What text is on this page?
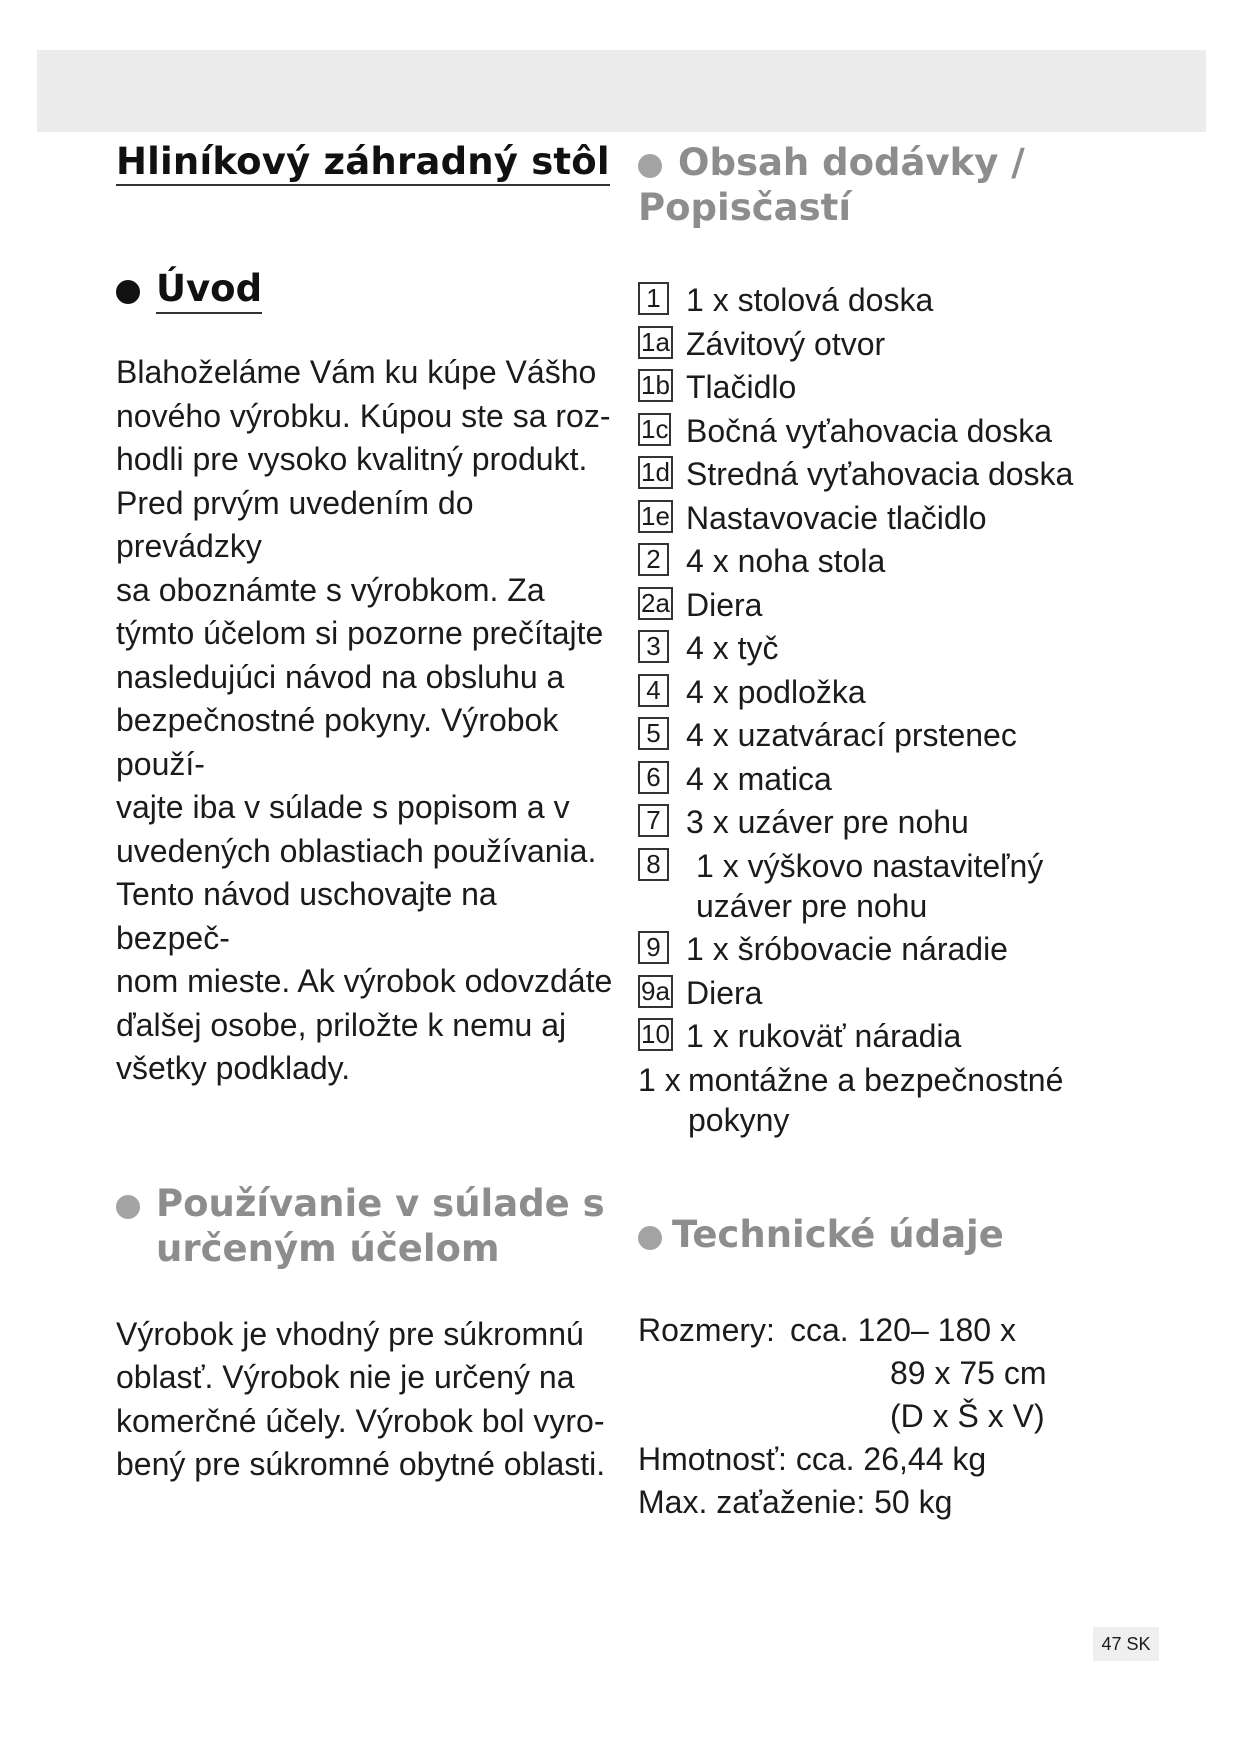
Hliníkový záhradný stôl
Úvod

Blahoželáme Vám ku kúpe Vášho
nového výrobku. Kúpou ste sa roz-
hodli pre vysoko kvalitný produkt.
Pred prvým uvedením do prevádzky
sa oboznámte s výrobkom. Za
týmto účelom si pozorne prečítajte
nasledujúci návod na obsluhu a
bezpečnostné pokyny. Výrobok použí-
vajte iba v súlade s popisom a v
uvedených oblastiach používania.
Tento návod uschovajte na bezpeč-
nom mieste. Ak výrobok odovzdáte
ďalšej osobe, priložte k nemu aj
všetky podklady.

Používanie v súlade s
určeným účelom

Výrobok je vhodný pre súkromnú
oblasť. Výrobok nie je určený na
komerčné účely. Výrobok bol vyro-
bený pre súkromné obytné oblasti.

Obsah dodávky /
Popisčastí
1 1 x stolová doska
1a Závitový otvor
1b Tlačidlo
1c Bočná vyťahovacia doska
1d Stredná vyťahovacia doska
1e Nastavovacie tlačidlo
2 4 x noha stola
2a Diera
3 4 x tyč
4 4 x podložka
5 4 x uzatvárací prstenec
6 4 x matica
7 3 x uzáver pre nohu
8	1 x výškovo nastaviteľný uzáver pre nohu
9 1 x šróbovacie náradie
9a Diera
10 1 x rukoväť náradia
1 x montážne a bezpečnostné
pokyny
Technické údaje
Rozmery: cca. 120– 180 x
89 x 75 cm
(D x Š x V)
Hmotnosť: cca. 26,44 kg
Max. zaťaženie: 50 kg
47 SK
